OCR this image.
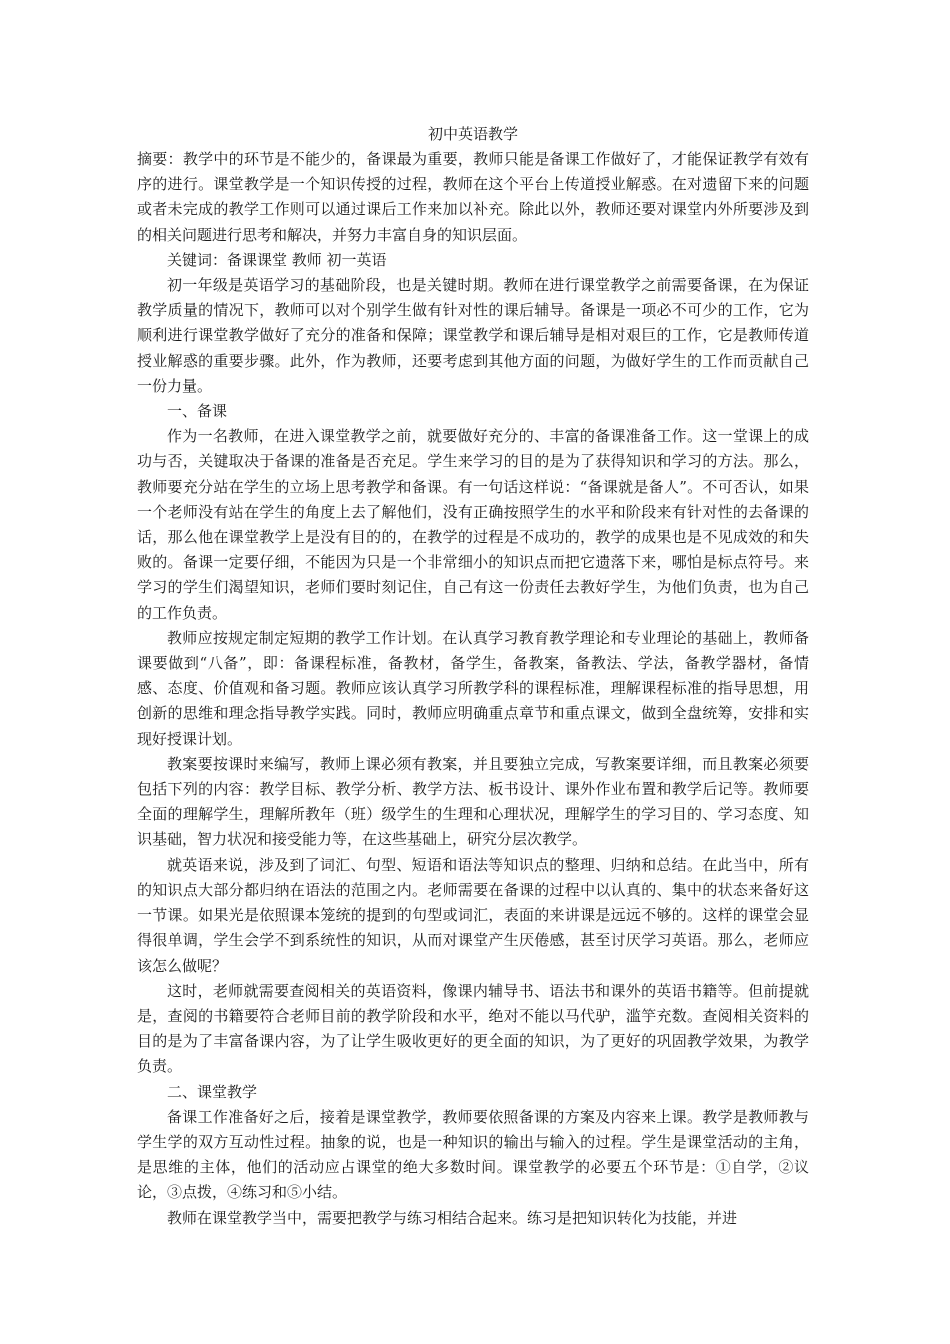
初中英语教学

摘要：教学中的环节是不能少的，备课最为重要，教师只能是备课工作做好了，才能保证教学有效有序的进行。课堂教学是一个知识传授的过程，教师在这个平台上传道授业解惑。在对遗留下来的问题或者未完成的教学工作则可以通过课后工作来加以补充。除此以外，教师还要对课堂内外所要涉及到的相关问题进行思考和解决，并努力丰富自身的知识层面。

关键词：备课课堂 教师 初一英语

初一年级是英语学习的基础阶段，也是关键时期。教师在进行课堂教学之前需要备课，在为保证教学质量的情况下，教师可以对个别学生做有针对性的课后辅导。备课是一项必不可少的工作，它为顺利进行课堂教学做好了充分的准备和保障；课堂教学和课后辅导是相对艰巨的工作，它是教师传道授业解惑的重要步骤。此外，作为教师，还要考虑到其他方面的问题，为做好学生的工作而贡献自己一份力量。

一、备课

作为一名教师，在进入课堂教学之前，就要做好充分的、丰富的备课准备工作。这一堂课上的成功与否，关键取决于备课的准备是否充足。学生来学习的目的是为了获得知识和学习的方法。那么，教师要充分站在学生的立场上思考教学和备课。有一句话这样说：“备课就是备人”。不可否认，如果一个老师没有站在学生的角度上去了解他们，没有正确按照学生的水平和阶段来有针对性的去备课的话，那么他在课堂教学上是没有目的的，在教学的过程是不成功的，教学的成果也是不见成效的和失败的。备课一定要仔细，不能因为只是一个非常细小的知识点而把它遗落下来，哪怕是标点符号。来学习的学生们渴望知识，老师们要时刻记住，自己有这一份责任去教好学生，为他们负责，也为自己的工作负责。

教师应按规定制定短期的教学工作计划。在认真学习教育教学理论和专业理论的基础上，教师备课要做到“八备”，即：备课程标准，备教材，备学生，备教案，备教法、学法，备教学器材，备情感、态度、价值观和备习题。教师应该认真学习所教学科的课程标准，理解课程标准的指导思想，用创新的思维和理念指导教学实践。同时，教师应明确重点章节和重点课文，做到全盘统筹，安排和实现好授课计划。

教案要按课时来编写，教师上课必须有教案，并且要独立完成，写教案要详细，而且教案必须要包括下列的内容：教学目标、教学分析、教学方法、板书设计、课外作业布置和教学后记等。教师要全面的理解学生，理解所教年（班）级学生的生理和心理状况，理解学生的学习目的、学习态度、知识基础，智力状况和接受能力等，在这些基础上，研究分层次教学。

就英语来说，涉及到了词汇、句型、短语和语法等知识点的整理、归纳和总结。在此当中，所有的知识点大部分都归纳在语法的范围之内。老师需要在备课的过程中以认真的、集中的状态来备好这一节课。如果光是依照课本笼统的提到的句型或词汇，表面的来讲课是远远不够的。这样的课堂会显得很单调，学生会学不到系统性的知识，从而对课堂产生厌倦感，甚至讨厌学习英语。那么，老师应该怎么做呢？

这时，老师就需要查阅相关的英语资料，像课内辅导书、语法书和课外的英语书籍等。但前提就是，查阅的书籍要符合老师目前的教学阶段和水平，绝对不能以马代驴，滥竽充数。查阅相关资料的目的是为了丰富备课内容，为了让学生吸收更好的更全面的知识，为了更好的巩固教学效果，为教学负责。

二、课堂教学

备课工作准备好之后，接着是课堂教学，教师要依照备课的方案及内容来上课。教学是教师教与学生学的双方互动性过程。抽象的说，也是一种知识的输出与输入的过程。学生是课堂活动的主角，是思维的主体，他们的活动应占课堂的绝大多数时间。课堂教学的必要五个环节是：①自学，②议论，③点拨，④练习和⑤小结。

教师在课堂教学当中，需要把教学与练习相结合起来。练习是把知识转化为技能，并进
